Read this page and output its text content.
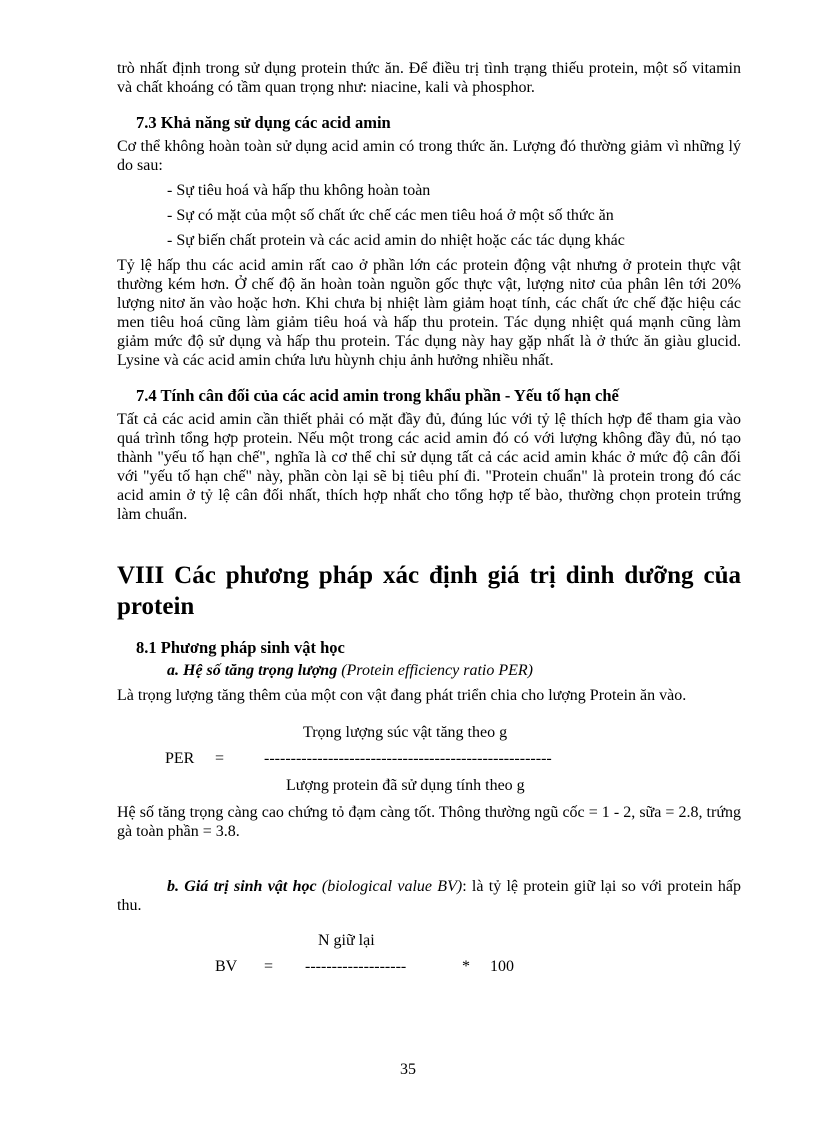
trò nhất định trong sử dụng protein thức ăn. Để điều trị tình trạng thiếu protein, một số vitamin và chất khoáng có tầm quan trọng như: niacine, kali và phosphor.

7.3 Khả năng sử dụng các acid amin

Cơ thể không hoàn toàn sử dụng acid amin có trong thức ăn. Lượng đó thường giảm vì những lý do sau:

- Sự tiêu hoá và hấp thu không hoàn toàn

- Sự có mặt của một số chất ức chế các men tiêu hoá ở một số thức ăn

- Sự biến chất protein và các acid amin do nhiệt hoặc các tác dụng khác

Tỷ lệ hấp thu các acid amin rất cao ở phần lớn các protein động vật nhưng ở protein thực vật thường kém hơn. Ở chế độ ăn hoàn toàn nguồn gốc thực vật, lượng nitơ của phân lên tới 20% lượng nitơ ăn vào hoặc hơn. Khi chưa bị nhiệt làm giảm hoạt tính, các chất ức chế đặc hiệu các men tiêu hoá cũng làm giảm tiêu hoá và hấp thu protein. Tác dụng nhiệt quá mạnh cũng làm giảm mức độ sử dụng và hấp thu protein. Tác dụng này hay gặp nhất là ở thức ăn giàu glucid. Lysine và các acid amin chứa lưu hùynh chịu ảnh hưởng nhiều nhất.

7.4 Tính cân đối của các acid amin trong khẩu phần - Yếu tố hạn chế

Tất cả các acid amin cần thiết phải có mặt đầy đủ, đúng lúc với tỷ lệ thích hợp để tham gia vào quá trình tổng hợp protein. Nếu một trong các acid amin đó có với lượng không đầy đủ, nó tạo thành "yếu tố hạn chế", nghĩa là cơ thể chỉ sử dụng tất cả các acid amin khác ở mức độ cân đối với "yếu tố hạn chế" này, phần còn lại sẽ bị tiêu phí đi. "Protein chuẩn" là protein trong đó các acid amin ở tỷ lệ cân đối nhất, thích hợp nhất cho tổng hợp tế bào, thường chọn protein trứng làm chuẩn.

VIII Các phương pháp xác định giá trị dinh dưỡng của protein

8.1 Phương pháp sinh vật học

a. Hệ số tăng trọng lượng (Protein efficiency ratio PER)

Là trọng lượng tăng thêm của một con vật đang phát triển chia cho lượng Protein ăn vào.

Trọng lượng súc vật tăng theo g
PER = ------------------------------------------------------
Lượng protein đã sử dụng tính theo g

Hệ số tăng trọng càng cao chứng tỏ đạm càng tốt. Thông thường ngũ cốc = 1 - 2, sữa = 2.8, trứng gà toàn phần = 3.8.

b. Giá trị sinh vật học (biological value BV): là tỷ lệ protein giữ lại so với protein hấp thu.

N giữ lại
BV = -------------------	* 100
35
